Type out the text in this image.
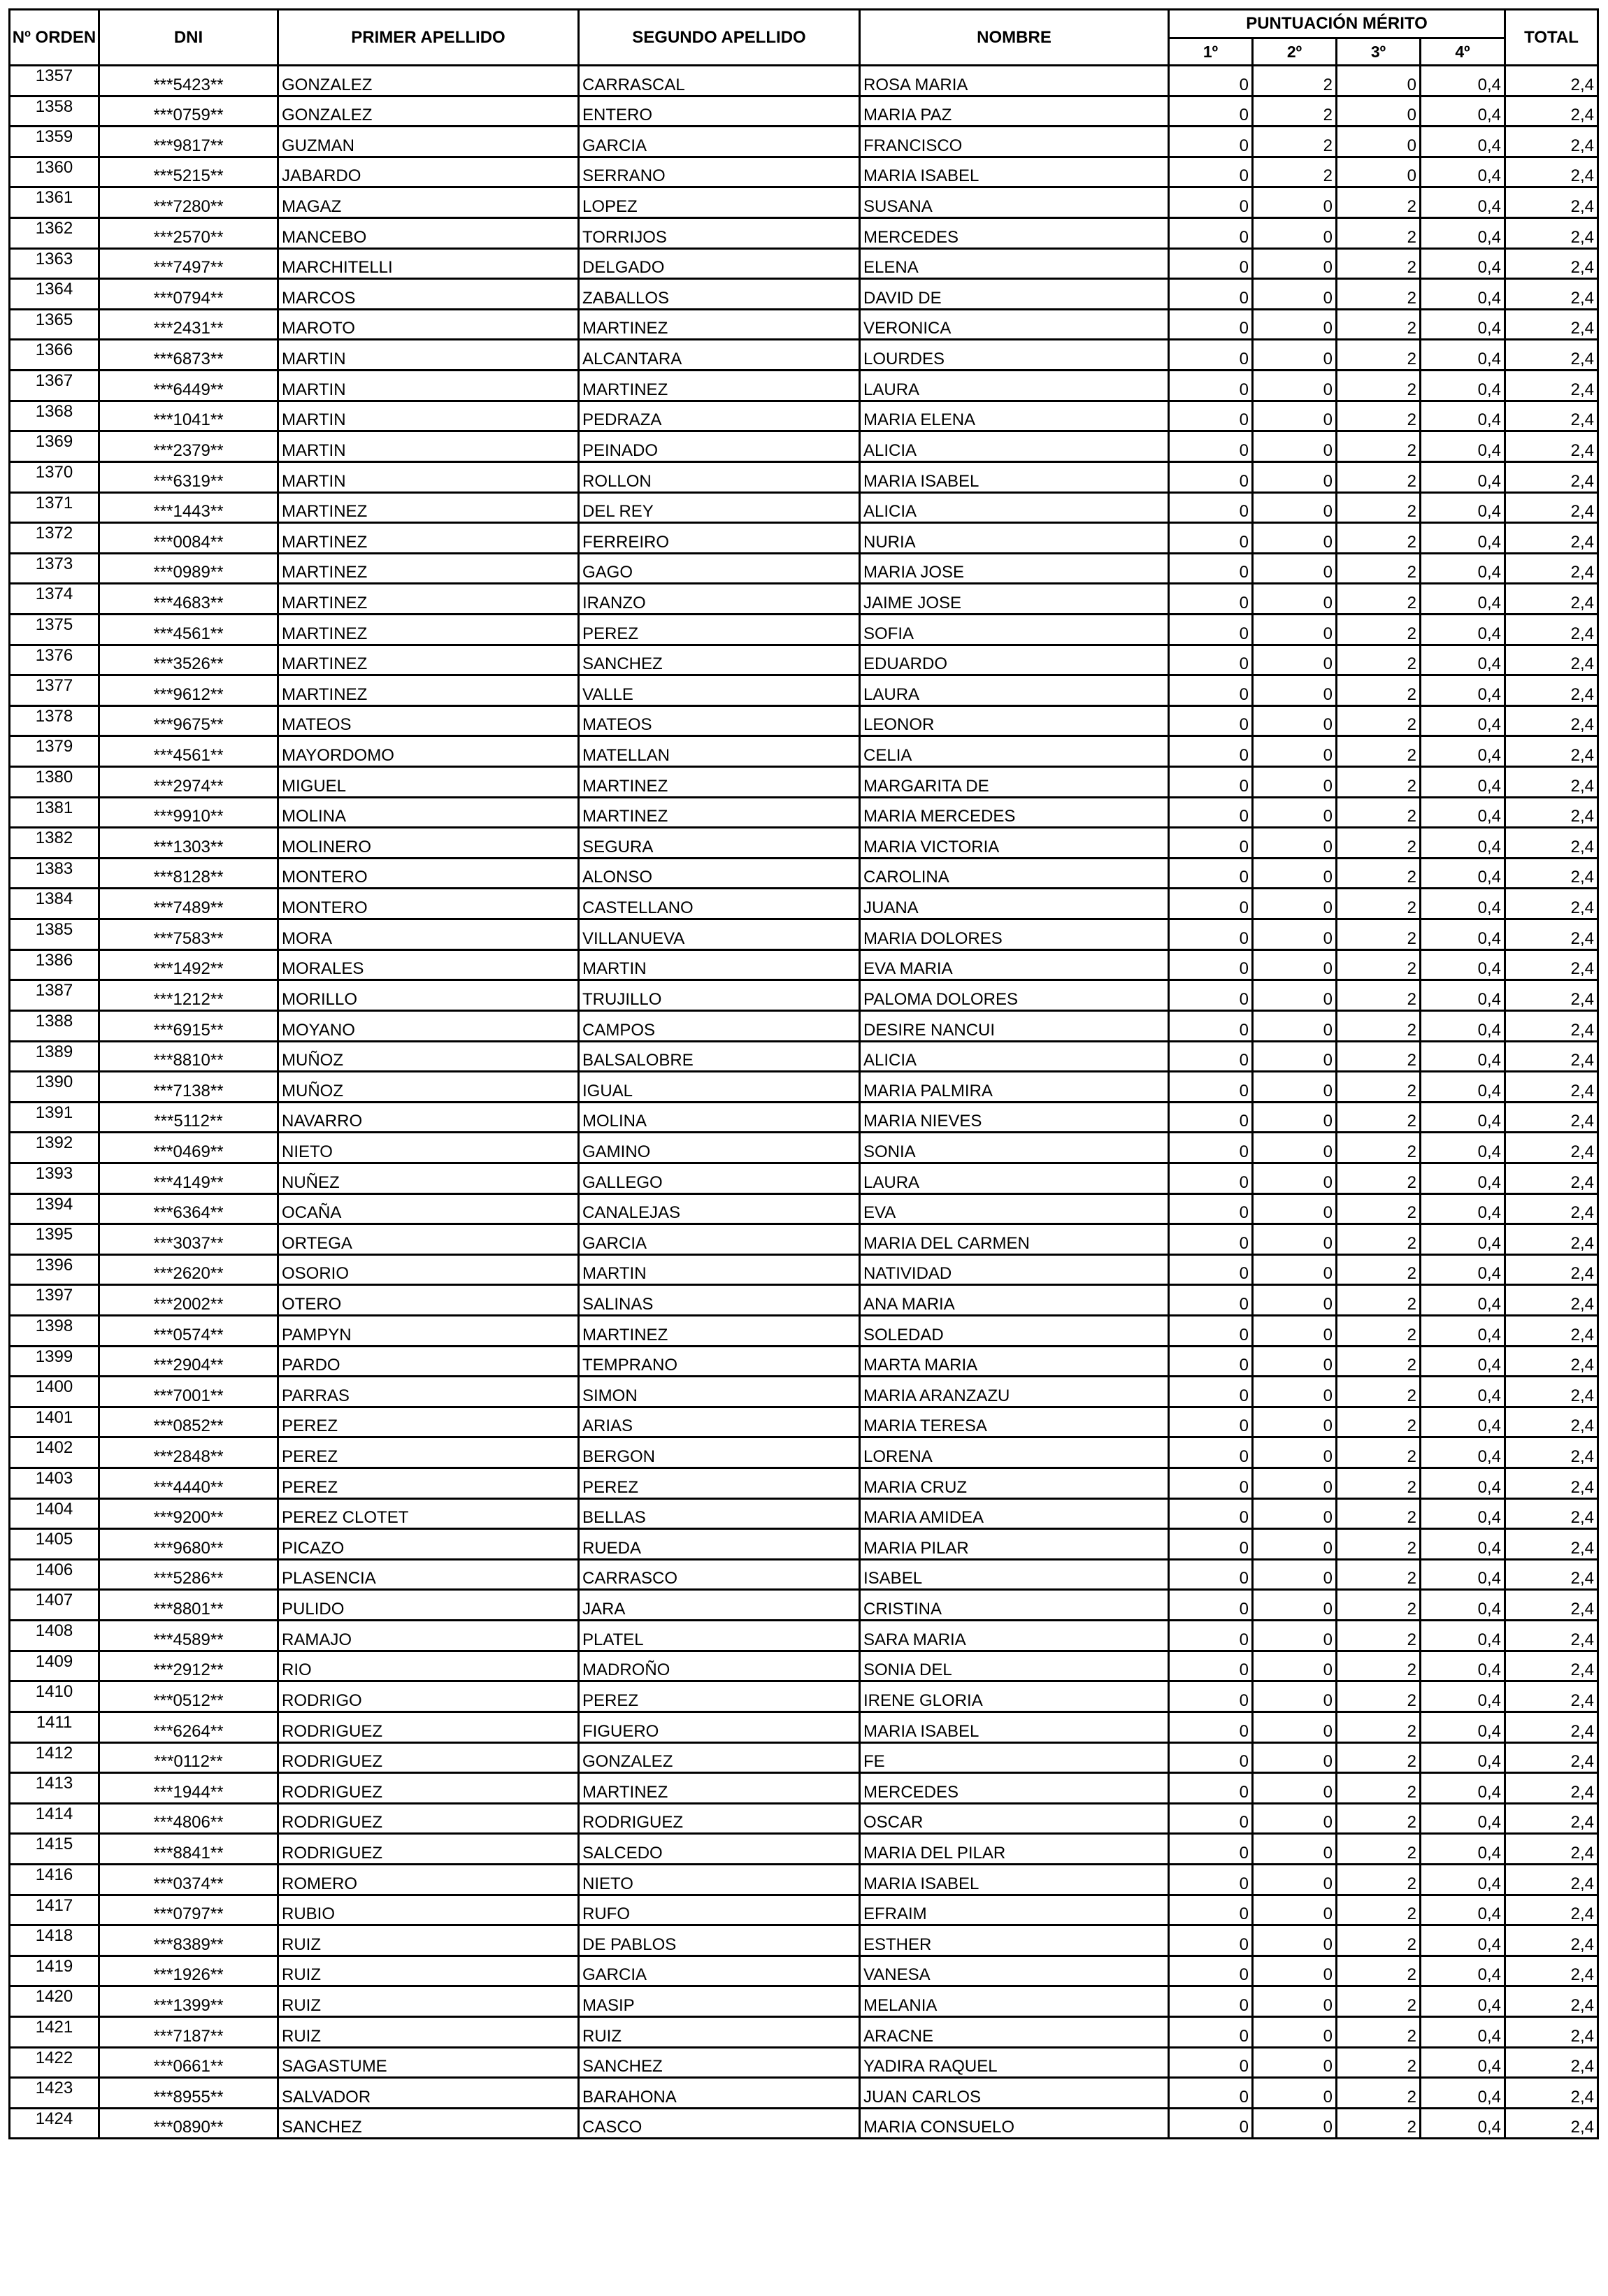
Nº ORDEN	DNI	PRIMER APELLIDO	SEGUNDO APELLIDO	NOMBRE	PUNTUACIÓN MÉRITO				TOTAL
					1º	2º	3º	4º	
1357	***5423**	GONZALEZ	CARRASCAL	ROSA MARIA	0	2	0	0,4	2,4
1358	***0759**	GONZALEZ	ENTERO	MARIA PAZ	0	2	0	0,4	2,4
1359	***9817**	GUZMAN	GARCIA	FRANCISCO	0	2	0	0,4	2,4
1360	***5215**	JABARDO	SERRANO	MARIA ISABEL	0	2	0	0,4	2,4
1361	***7280**	MAGAZ	LOPEZ	SUSANA	0	0	2	0,4	2,4
1362	***2570**	MANCEBO	TORRIJOS	MERCEDES	0	0	2	0,4	2,4
1363	***7497**	MARCHITELLI	DELGADO	ELENA	0	0	2	0,4	2,4
1364	***0794**	MARCOS	ZABALLOS	DAVID DE	0	0	2	0,4	2,4
1365	***2431**	MAROTO	MARTINEZ	VERONICA	0	0	2	0,4	2,4
1366	***6873**	MARTIN	ALCANTARA	LOURDES	0	0	2	0,4	2,4
1367	***6449**	MARTIN	MARTINEZ	LAURA	0	0	2	0,4	2,4
1368	***1041**	MARTIN	PEDRAZA	MARIA ELENA	0	0	2	0,4	2,4
1369	***2379**	MARTIN	PEINADO	ALICIA	0	0	2	0,4	2,4
1370	***6319**	MARTIN	ROLLON	MARIA ISABEL	0	0	2	0,4	2,4
1371	***1443**	MARTINEZ	DEL REY	ALICIA	0	0	2	0,4	2,4
1372	***0084**	MARTINEZ	FERREIRO	NURIA	0	0	2	0,4	2,4
1373	***0989**	MARTINEZ	GAGO	MARIA JOSE	0	0	2	0,4	2,4
1374	***4683**	MARTINEZ	IRANZO	JAIME JOSE	0	0	2	0,4	2,4
1375	***4561**	MARTINEZ	PEREZ	SOFIA	0	0	2	0,4	2,4
1376	***3526**	MARTINEZ	SANCHEZ	EDUARDO	0	0	2	0,4	2,4
1377	***9612**	MARTINEZ	VALLE	LAURA	0	0	2	0,4	2,4
1378	***9675**	MATEOS	MATEOS	LEONOR	0	0	2	0,4	2,4
1379	***4561**	MAYORDOMO	MATELLAN	CELIA	0	0	2	0,4	2,4
1380	***2974**	MIGUEL	MARTINEZ	MARGARITA DE	0	0	2	0,4	2,4
1381	***9910**	MOLINA	MARTINEZ	MARIA MERCEDES	0	0	2	0,4	2,4
1382	***1303**	MOLINERO	SEGURA	MARIA VICTORIA	0	0	2	0,4	2,4
1383	***8128**	MONTERO	ALONSO	CAROLINA	0	0	2	0,4	2,4
1384	***7489**	MONTERO	CASTELLANO	JUANA	0	0	2	0,4	2,4
1385	***7583**	MORA	VILLANUEVA	MARIA DOLORES	0	0	2	0,4	2,4
1386	***1492**	MORALES	MARTIN	EVA MARIA	0	0	2	0,4	2,4
1387	***1212**	MORILLO	TRUJILLO	PALOMA DOLORES	0	0	2	0,4	2,4
1388	***6915**	MOYANO	CAMPOS	DESIRE NANCUI	0	0	2	0,4	2,4
1389	***8810**	MUÑOZ	BALSALOBRE	ALICIA	0	0	2	0,4	2,4
1390	***7138**	MUÑOZ	IGUAL	MARIA PALMIRA	0	0	2	0,4	2,4
1391	***5112**	NAVARRO	MOLINA	MARIA NIEVES	0	0	2	0,4	2,4
1392	***0469**	NIETO	GAMINO	SONIA	0	0	2	0,4	2,4
1393	***4149**	NUÑEZ	GALLEGO	LAURA	0	0	2	0,4	2,4
1394	***6364**	OCAÑA	CANALEJAS	EVA	0	0	2	0,4	2,4
1395	***3037**	ORTEGA	GARCIA	MARIA DEL CARMEN	0	0	2	0,4	2,4
1396	***2620**	OSORIO	MARTIN	NATIVIDAD	0	0	2	0,4	2,4
1397	***2002**	OTERO	SALINAS	ANA MARIA	0	0	2	0,4	2,4
1398	***0574**	PAMPYN	MARTINEZ	SOLEDAD	0	0	2	0,4	2,4
1399	***2904**	PARDO	TEMPRANO	MARTA MARIA	0	0	2	0,4	2,4
1400	***7001**	PARRAS	SIMON	MARIA ARANZAZU	0	0	2	0,4	2,4
1401	***0852**	PEREZ	ARIAS	MARIA TERESA	0	0	2	0,4	2,4
1402	***2848**	PEREZ	BERGON	LORENA	0	0	2	0,4	2,4
1403	***4440**	PEREZ	PEREZ	MARIA CRUZ	0	0	2	0,4	2,4
1404	***9200**	PEREZ CLOTET	BELLAS	MARIA AMIDEA	0	0	2	0,4	2,4
1405	***9680**	PICAZO	RUEDA	MARIA PILAR	0	0	2	0,4	2,4
1406	***5286**	PLASENCIA	CARRASCO	ISABEL	0	0	2	0,4	2,4
1407	***8801**	PULIDO	JARA	CRISTINA	0	0	2	0,4	2,4
1408	***4589**	RAMAJO	PLATEL	SARA MARIA	0	0	2	0,4	2,4
1409	***2912**	RIO	MADROÑO	SONIA DEL	0	0	2	0,4	2,4
1410	***0512**	RODRIGO	PEREZ	IRENE GLORIA	0	0	2	0,4	2,4
1411	***6264**	RODRIGUEZ	FIGUERO	MARIA ISABEL	0	0	2	0,4	2,4
1412	***0112**	RODRIGUEZ	GONZALEZ	FE	0	0	2	0,4	2,4
1413	***1944**	RODRIGUEZ	MARTINEZ	MERCEDES	0	0	2	0,4	2,4
1414	***4806**	RODRIGUEZ	RODRIGUEZ	OSCAR	0	0	2	0,4	2,4
1415	***8841**	RODRIGUEZ	SALCEDO	MARIA DEL PILAR	0	0	2	0,4	2,4
1416	***0374**	ROMERO	NIETO	MARIA ISABEL	0	0	2	0,4	2,4
1417	***0797**	RUBIO	RUFO	EFRAIM	0	0	2	0,4	2,4
1418	***8389**	RUIZ	DE PABLOS	ESTHER	0	0	2	0,4	2,4
1419	***1926**	RUIZ	GARCIA	VANESA	0	0	2	0,4	2,4
1420	***1399**	RUIZ	MASIP	MELANIA	0	0	2	0,4	2,4
1421	***7187**	RUIZ	RUIZ	ARACNE	0	0	2	0,4	2,4
1422	***0661**	SAGASTUME	SANCHEZ	YADIRA RAQUEL	0	0	2	0,4	2,4
1423	***8955**	SALVADOR	BARAHONA	JUAN CARLOS	0	0	2	0,4	2,4
1424	***0890**	SANCHEZ	CASCO	MARIA CONSUELO	0	0	2	0,4	2,4
